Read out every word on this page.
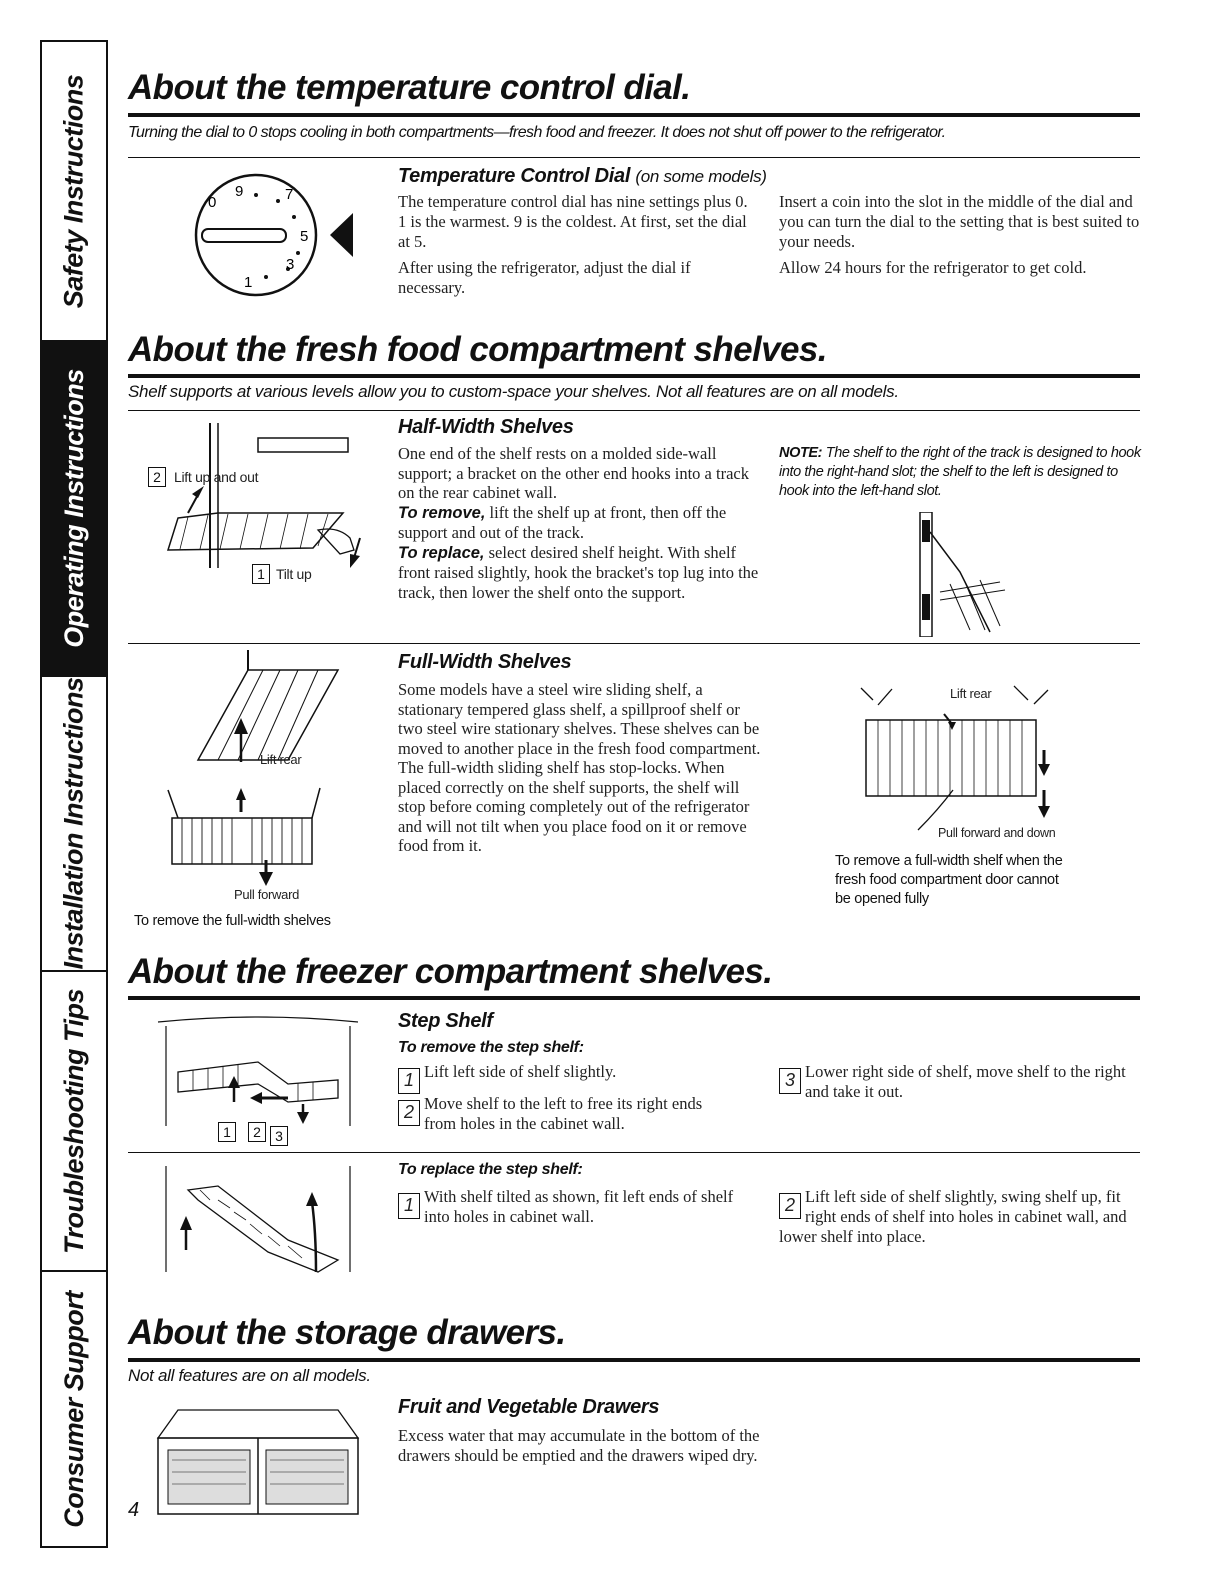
Safety Instructions
Operating Instructions
Installation Instructions
Troubleshooting Tips
Consumer Support
About the temperature control dial.
Turning the dial to 0 stops cooling in both compartments—fresh food and freezer. It does not shut off power to the refrigerator.
0
9	7
5
3
1
Temperature Control Dial (on some models)

The temperature control dial has nine settings plus 0. 1 is the warmest. 9 is the coldest. At first, set the dial at 5.

After using the refrigerator, adjust the dial if necessary.

Insert a coin into the slot in the middle of the dial and you can turn the dial to the setting that is best suited to your needs.

Allow 24 hours for the refrigerator to get cold.

About the fresh food compartment shelves.
Shelf supports at various levels allow you to custom-space your shelves. Not all features are on all models.
2 Lift up and out
1 Tilt up
Half-Width Shelves

One end of the shelf rests on a molded side-wall support; a bracket on the other end hooks into a track on the rear cabinet wall.

To remove, lift the shelf up at front, then off the support and out of the track.

To replace, select desired shelf height. With shelf front raised slightly, hook the bracket's top lug into the track, then lower the shelf onto the support.

NOTE: The shelf to the right of the track is designed to hook into the right-hand slot; the shelf to the left is designed to hook into the left-hand slot.
Lift rear
Pull forward
To remove the full-width shelves
Full-Width Shelves

Some models have a steel wire sliding shelf, a stationary tempered glass shelf, a spillproof shelf or two steel wire stationary shelves. These shelves can be moved to another place in the fresh food compartment.

The full-width sliding shelf has stop-locks. When placed correctly on the shelf supports, the shelf will stop before coming completely out of the refrigerator and will not tilt when you place food on it or remove food from it.

Lift rear
Pull forward and down
To remove a full-width shelf when the fresh food compartment door cannot be opened fully
About the freezer compartment shelves.
1	2	3
Step Shelf
To remove the step shelf:
1 Lift left side of shelf slightly.
2 Move shelf to the left to free its right ends from holes in the cabinet wall.
3 Lower right side of shelf, move shelf to the right and take it out.
To replace the step shelf:
1 With shelf tilted as shown, fit left ends of shelf into holes in cabinet wall.
2 Lift left side of shelf slightly, swing shelf up, fit right ends of shelf into holes in cabinet wall, and lower shelf into place.
About the storage drawers.
Not all features are on all models.
Fruit and Vegetable Drawers

Excess water that may accumulate in the bottom of the drawers should be emptied and the drawers wiped dry.

4
